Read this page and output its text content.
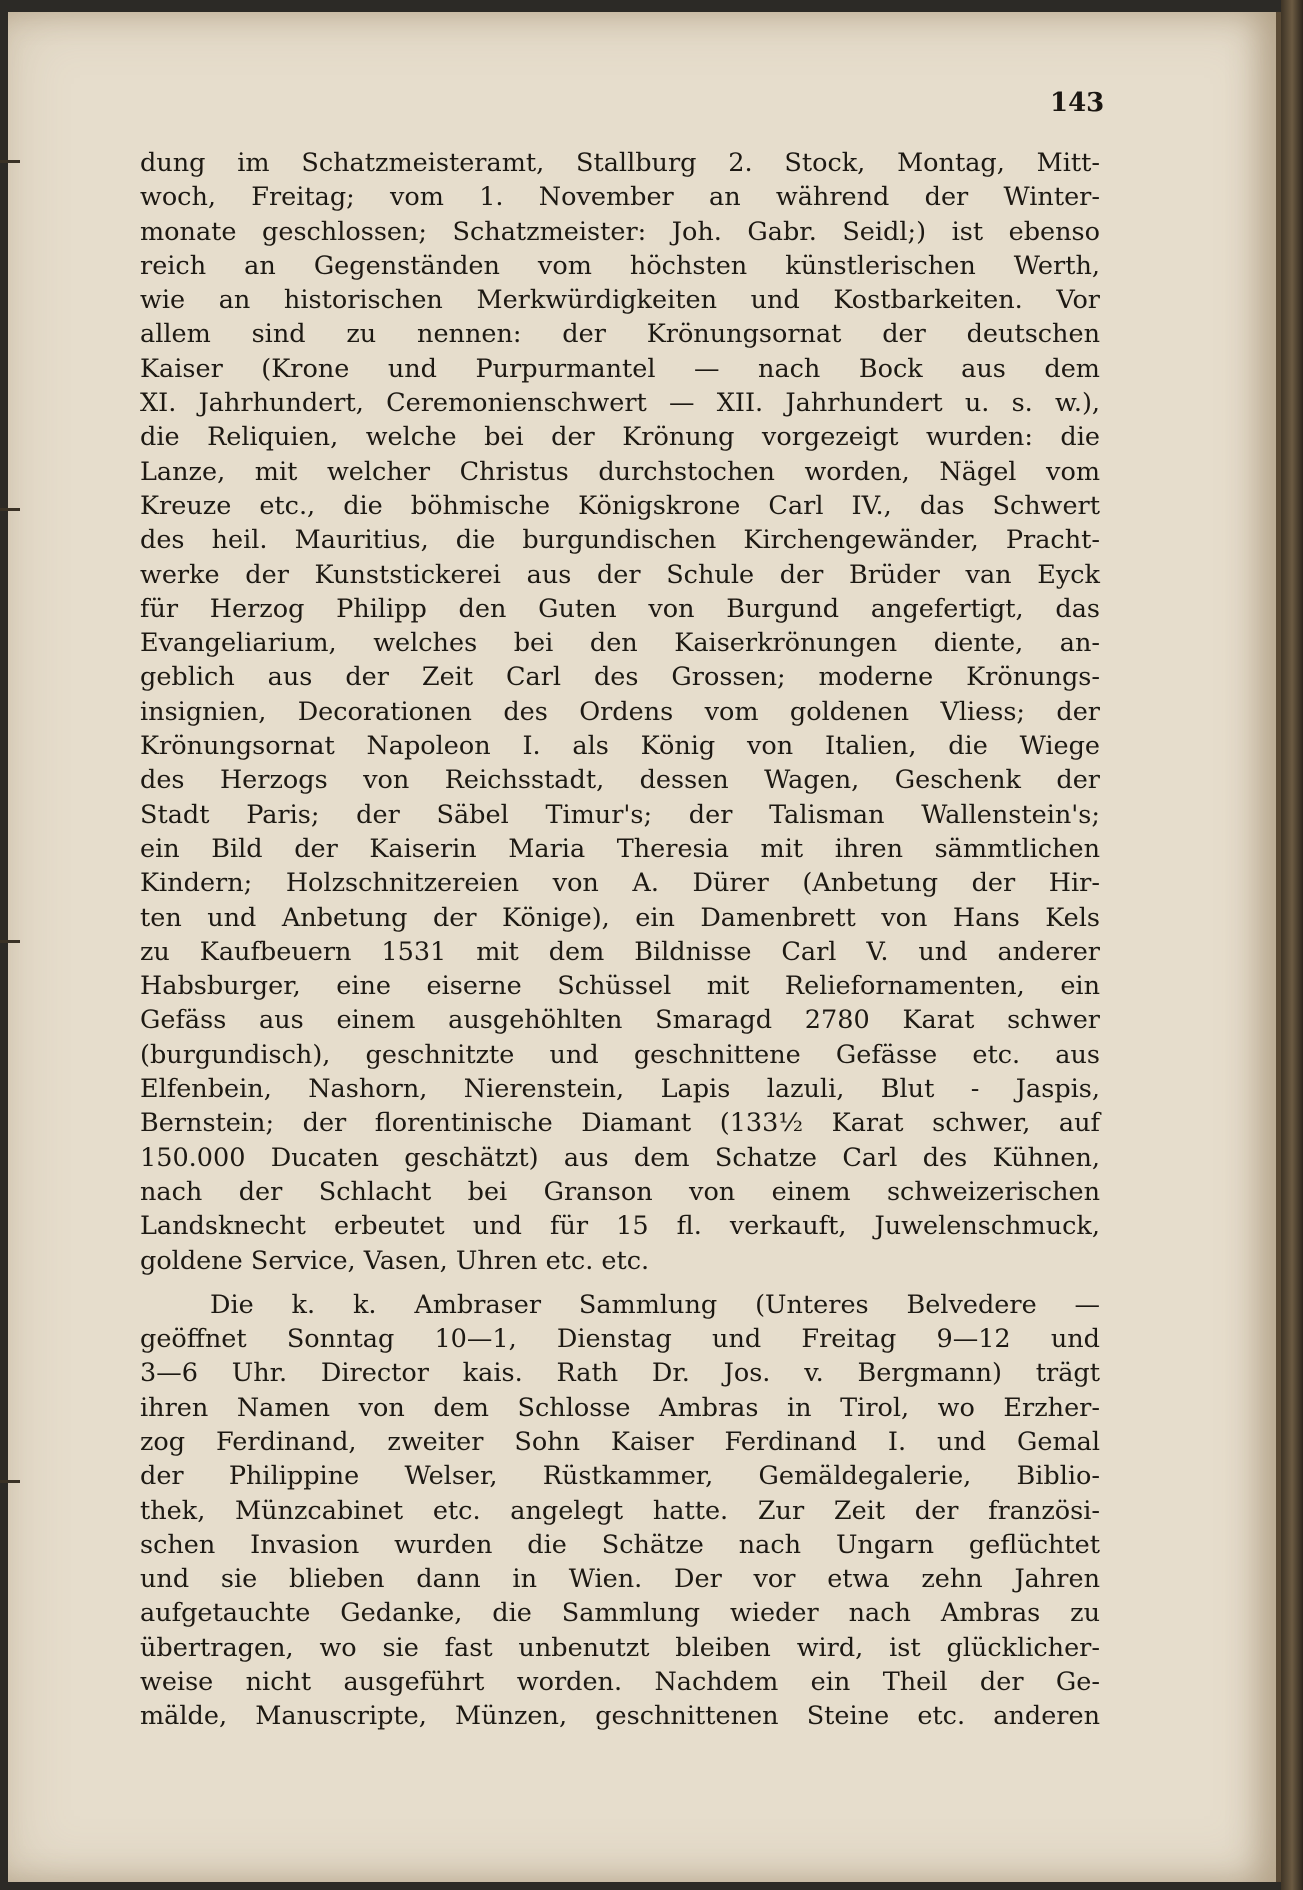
143
dung im Schatzmeisteramt, Stallburg 2. Stock, Montag, Mitt-
woch, Freitag; vom 1. November an während der Winter-
monate geschlossen; Schatzmeister: Joh. Gabr. Seidl;) ist ebenso
reich an Gegenständen vom höchsten künstlerischen Werth,
wie an historischen Merkwürdigkeiten und Kostbarkeiten. Vor
allem sind zu nennen: der Krönungsornat der deutschen
Kaiser (Krone und Purpurmantel — nach Bock aus dem
XI. Jahrhundert, Ceremonienschwert — XII. Jahrhundert u. s. w.),
die Reliquien, welche bei der Krönung vorgezeigt wurden: die
Lanze, mit welcher Christus durchstochen worden, Nägel vom
Kreuze etc., die böhmische Königskrone Carl IV., das Schwert
des heil. Mauritius, die burgundischen Kirchengewänder, Pracht-
werke der Kunststickerei aus der Schule der Brüder van Eyck
für Herzog Philipp den Guten von Burgund angefertigt, das
Evangeliarium, welches bei den Kaiserkrönungen diente, an-
geblich aus der Zeit Carl des Grossen; moderne Krönungs-
insignien, Decorationen des Ordens vom goldenen Vliess; der
Krönungsornat Napoleon I. als König von Italien, die Wiege
des Herzogs von Reichsstadt, dessen Wagen, Geschenk der
Stadt Paris; der Säbel Timur's; der Talisman Wallenstein's;
ein Bild der Kaiserin Maria Theresia mit ihren sämmtlichen
Kindern; Holzschnitzereien von A. Dürer (Anbetung der Hir-
ten und Anbetung der Könige), ein Damenbrett von Hans Kels
zu Kaufbeuern 1531 mit dem Bildnisse Carl V. und anderer
Habsburger, eine eiserne Schüssel mit Reliefornamenten, ein
Gefäss aus einem ausgehöhlten Smaragd 2780 Karat schwer
(burgundisch), geschnitzte und geschnittene Gefässe etc. aus
Elfenbein, Nashorn, Nierenstein, Lapis lazuli, Blut - Jaspis,
Bernstein; der florentinische Diamant (133½ Karat schwer, auf
150.000 Ducaten geschätzt) aus dem Schatze Carl des Kühnen,
nach der Schlacht bei Granson von einem schweizerischen
Landsknecht erbeutet und für 15 fl. verkauft, Juwelenschmuck,
goldene Service, Vasen, Uhren etc. etc.
Die k. k. Ambraser Sammlung (Unteres Belvedere —
geöffnet Sonntag 10—1, Dienstag und Freitag 9—12 und
3—6 Uhr. Director kais. Rath Dr. Jos. v. Bergmann) trägt
ihren Namen von dem Schlosse Ambras in Tirol, wo Erzher-
zog Ferdinand, zweiter Sohn Kaiser Ferdinand I. und Gemal
der Philippine Welser, Rüstkammer, Gemäldegalerie, Biblio-
thek, Münzcabinet etc. angelegt hatte. Zur Zeit der französi-
schen Invasion wurden die Schätze nach Ungarn geflüchtet
und sie blieben dann in Wien. Der vor etwa zehn Jahren
aufgetauchte Gedanke, die Sammlung wieder nach Ambras zu
übertragen, wo sie fast unbenutzt bleiben wird, ist glücklicher-
weise nicht ausgeführt worden. Nachdem ein Theil der Ge-
mälde, Manuscripte, Münzen, geschnittenen Steine etc. anderen
